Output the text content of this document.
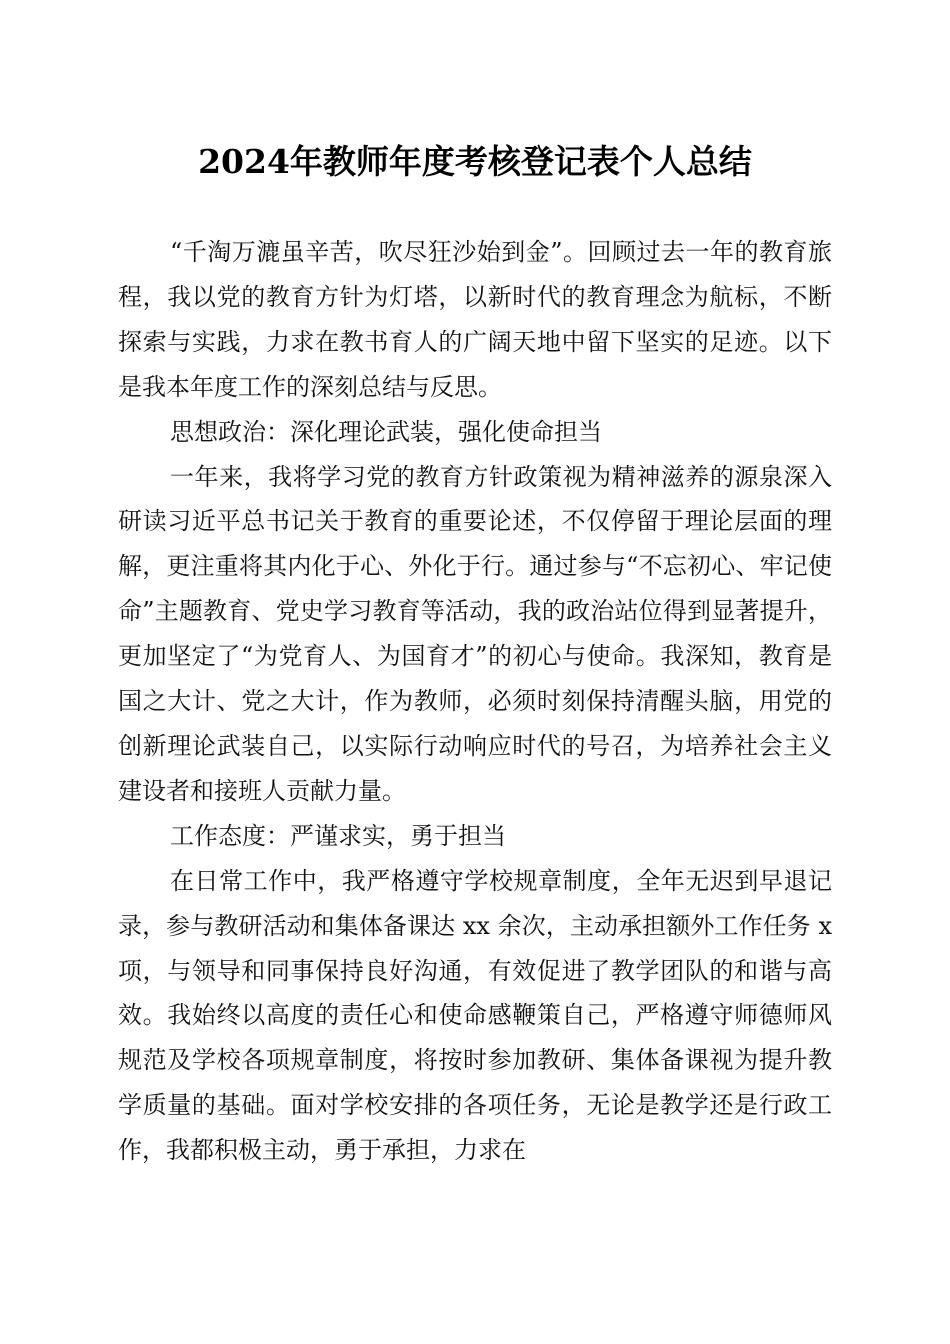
2024年教师年度考核登记表个人总结

“千淘万漉虽辛苦，吹尽狂沙始到金”。回顾过去一年的教育旅程，我以党的教育方针为灯塔，以新时代的教育理念为航标，不断探索与实践，力求在教书育人的广阔天地中留下坚实的足迹。以下是我本年度工作的深刻总结与反思。

思想政治：深化理论武装，强化使命担当

一年来，我将学习党的教育方针政策视为精神滋养的源泉深入研读习近平总书记关于教育的重要论述，不仅停留于理论层面的理解，更注重将其内化于心、外化于行。通过参与“不忘初心、牢记使命”主题教育、党史学习教育等活动，我的政治站位得到显著提升，更加坚定了“为党育人、为国育才”的初心与使命。我深知，教育是国之大计、党之大计，作为教师，必须时刻保持清醒头脑，用党的创新理论武装自己，以实际行动响应时代的号召，为培养社会主义建设者和接班人贡献力量。

工作态度：严谨求实，勇于担当

在日常工作中，我严格遵守学校规章制度，全年无迟到早退记录，参与教研活动和集体备课达 xx 余次，主动承担额外工作任务 x 项，与领导和同事保持良好沟通，有效促进了教学团队的和谐与高效。我始终以高度的责任心和使命感鞭策自己，严格遵守师德师风规范及学校各项规章制度，将按时参加教研、集体备课视为提升教学质量的基础。面对学校安排的各项任务，无论是教学还是行政工作，我都积极主动，勇于承担，力求在
